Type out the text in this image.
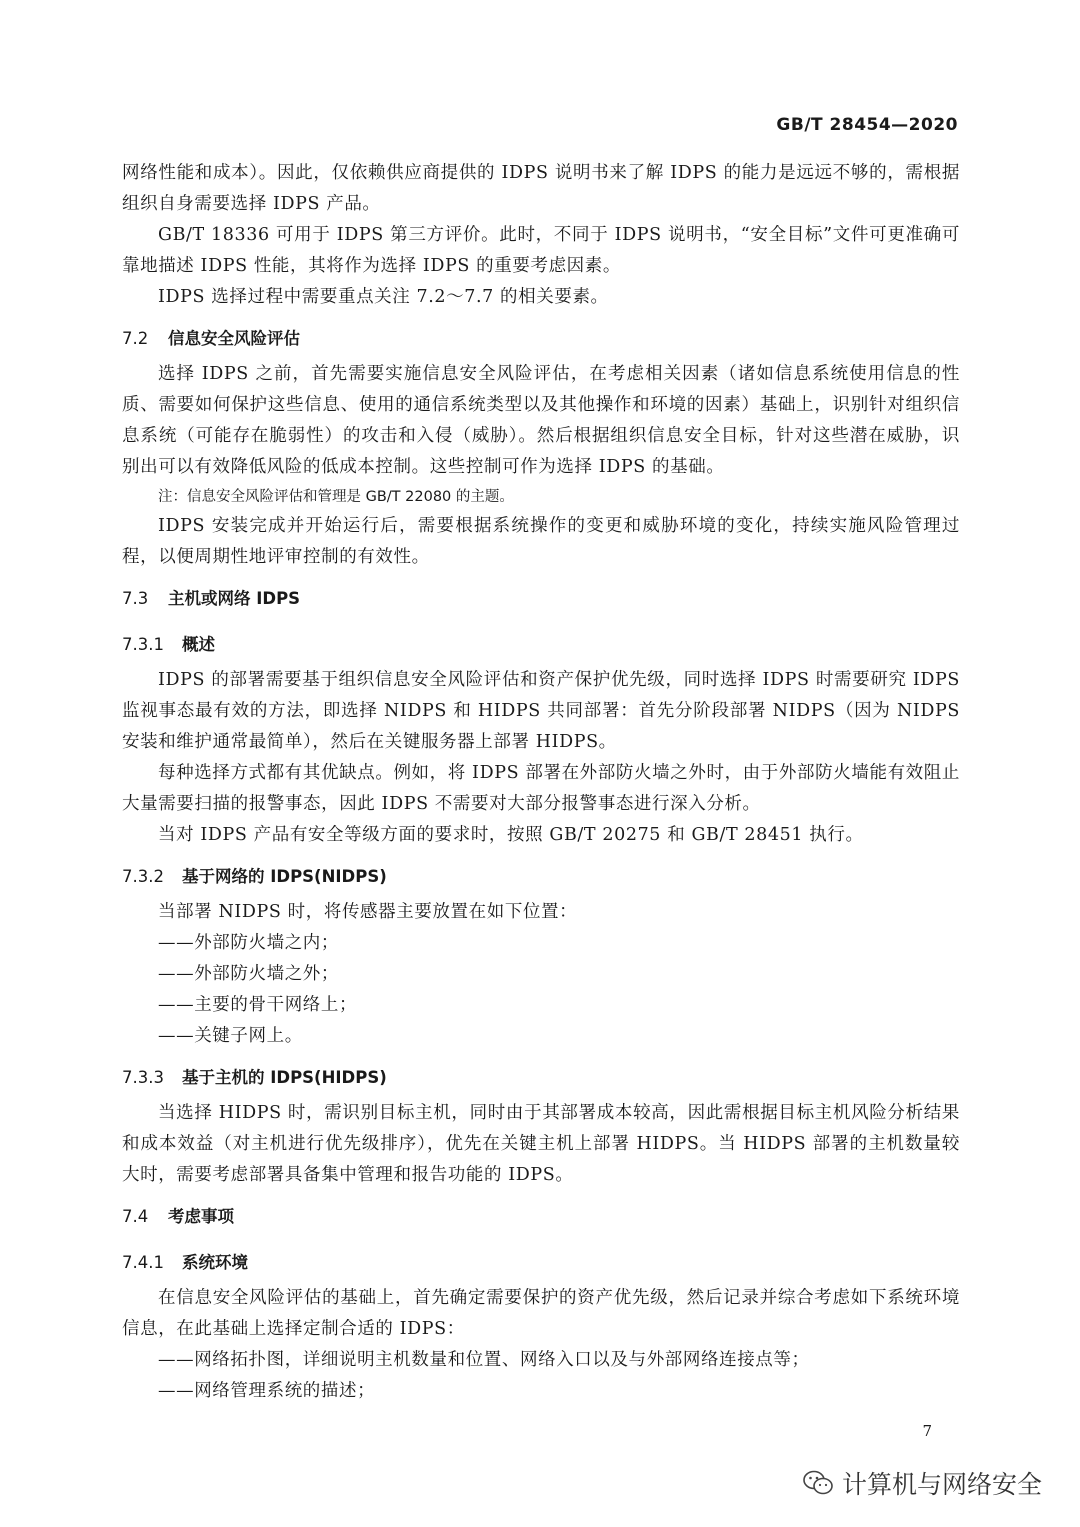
GB/T 28454—2020

网络性能和成本）。因此，仅依赖供应商提供的 IDPS 说明书来了解 IDPS 的能力是远远不够的，需根据组织自身需要选择 IDPS 产品。

GB/T 18336 可用于 IDPS 第三方评价。此时，不同于 IDPS 说明书，“安全目标”文件可更准确可靠地描述 IDPS 性能，其将作为选择 IDPS 的重要考虑因素。

IDPS 选择过程中需要重点关注 7.2～7.7 的相关要素。

7.2 信息安全风险评估

选择 IDPS 之前，首先需要实施信息安全风险评估，在考虑相关因素（诸如信息系统使用信息的性质、需要如何保护这些信息、使用的通信系统类型以及其他操作和环境的因素）基础上，识别针对组织信息系统（可能存在脆弱性）的攻击和入侵（威胁）。然后根据组织信息安全目标，针对这些潜在威胁，识别出可以有效降低风险的低成本控制。这些控制可作为选择 IDPS 的基础。

注：信息安全风险评估和管理是 GB/T 22080 的主题。

IDPS 安装完成并开始运行后，需要根据系统操作的变更和威胁环境的变化，持续实施风险管理过程，以便周期性地评审控制的有效性。

7.3 主机或网络 IDPS
7.3.1 概述

IDPS 的部署需要基于组织信息安全风险评估和资产保护优先级，同时选择 IDPS 时需要研究 IDPS 监视事态最有效的方法，即选择 NIDPS 和 HIDPS 共同部署：首先分阶段部署 NIDPS（因为 NIDPS 安装和维护通常最简单），然后在关键服务器上部署 HIDPS。

每种选择方式都有其优缺点。例如，将 IDPS 部署在外部防火墙之外时，由于外部防火墙能有效阻止大量需要扫描的报警事态，因此 IDPS 不需要对大部分报警事态进行深入分析。

当对 IDPS 产品有安全等级方面的要求时，按照 GB/T 20275 和 GB/T 28451 执行。

7.3.2 基于网络的 IDPS(NIDPS)

当部署 NIDPS 时，将传感器主要放置在如下位置：

——外部防火墙之内；

——外部防火墙之外；

——主要的骨干网络上；

——关键子网上。

7.3.3 基于主机的 IDPS(HIDPS)

当选择 HIDPS 时，需识别目标主机，同时由于其部署成本较高，因此需根据目标主机风险分析结果和成本效益（对主机进行优先级排序），优先在关键主机上部署 HIDPS。当 HIDPS 部署的主机数量较大时，需要考虑部署具备集中管理和报告功能的 IDPS。

7.4 考虑事项
7.4.1 系统环境

在信息安全风险评估的基础上，首先确定需要保护的资产优先级，然后记录并综合考虑如下系统环境信息，在此基础上选择定制合适的 IDPS：

——网络拓扑图，详细说明主机数量和位置、网络入口以及与外部网络连接点等；

——网络管理系统的描述；

7
计算机与网络安全
